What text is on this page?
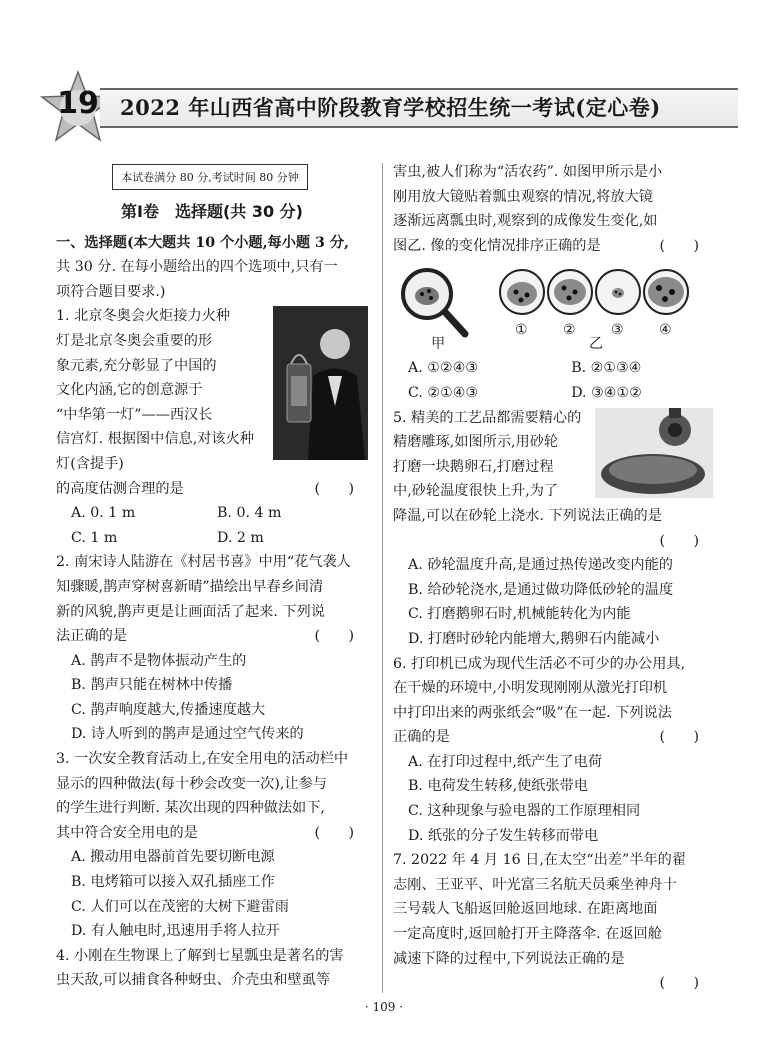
19	2022 年山西省高中阶段教育学校招生统一考试(定心卷)
本试卷满分 80 分,考试时间 80 分钟
第Ⅰ卷　选择题(共 30 分)

一、选择题(本大题共 10 个小题,每小题 3 分,

共 30 分. 在每小题给出的四个选项中,只有一

项符合题目要求.)

1. 北京冬奥会火炬接力火种

灯是北京冬奥会重要的形

象元素,充分彰显了中国的

文化内涵,它的创意源于

“中华第一灯”——西汉长

信宫灯. 根据图中信息,对该火种灯(含提手)

的高度估测合理的是	(　　)

A. 0. 1 m	B. 0. 4 m
C. 1 m	D. 2 m

2. 南宋诗人陆游在《村居书喜》中用“花气袭人

知骤暖,鹊声穿树喜新晴”描绘出早春乡间清

新的风貌,鹊声更是让画面活了起来. 下列说

法正确的是	(　　)

A. 鹊声不是物体振动产生的

B. 鹊声只能在树林中传播

C. 鹊声响度越大,传播速度越大

D. 诗人听到的鹊声是通过空气传来的

3. 一次安全教育活动上,在安全用电的活动栏中

显示的四种做法(每十秒会改变一次),让参与

的学生进行判断. 某次出现的四种做法如下,

其中符合安全用电的是	(　　)

A. 搬动用电器前首先要切断电源

B. 电烤箱可以接入双孔插座工作

C. 人们可以在茂密的大树下避雷雨

D. 有人触电时,迅速用手将人拉开

4. 小刚在生物课上了解到七星瓢虫是著名的害

虫天敌,可以捕食各种蚜虫、介壳虫和壁虱等

害虫,被人们称为“活农药”. 如图甲所示是小

刚用放大镜贴着瓢虫观察的情况,将放大镜

逐渐远离瓢虫时,观察到的成像发生变化,如

图乙. 像的变化情况排序正确的是	(　　)

① ② ③ ④
甲	乙
A. ①②④③	B. ②①③④
C. ②①④③	D. ③④①②

5. 精美的工艺品都需要精心的

精磨雕琢,如图所示,用砂轮

打磨一块鹅卵石,打磨过程

中,砂轮温度很快上升,为了

降温,可以在砂轮上浇水. 下列说法正确的是

(　　)

A. 砂轮温度升高,是通过热传递改变内能的

B. 给砂轮浇水,是通过做功降低砂轮的温度

C. 打磨鹅卵石时,机械能转化为内能

D. 打磨时砂轮内能增大,鹅卵石内能减小

6. 打印机已成为现代生活必不可少的办公用具,

在干燥的环境中,小明发现刚刚从激光打印机

中打印出来的两张纸会“吸”在一起. 下列说法

正确的是	(　　)

A. 在打印过程中,纸产生了电荷

B. 电荷发生转移,使纸张带电

C. 这种现象与验电器的工作原理相同

D. 纸张的分子发生转移而带电

7. 2022 年 4 月 16 日,在太空“出差”半年的翟

志刚、王亚平、叶光富三名航天员乘坐神舟十

三号载人飞船返回舱返回地球. 在距离地面

一定高度时,返回舱打开主降落伞. 在返回舱

减速下降的过程中,下列说法正确的是

(　　)

· 109 ·
